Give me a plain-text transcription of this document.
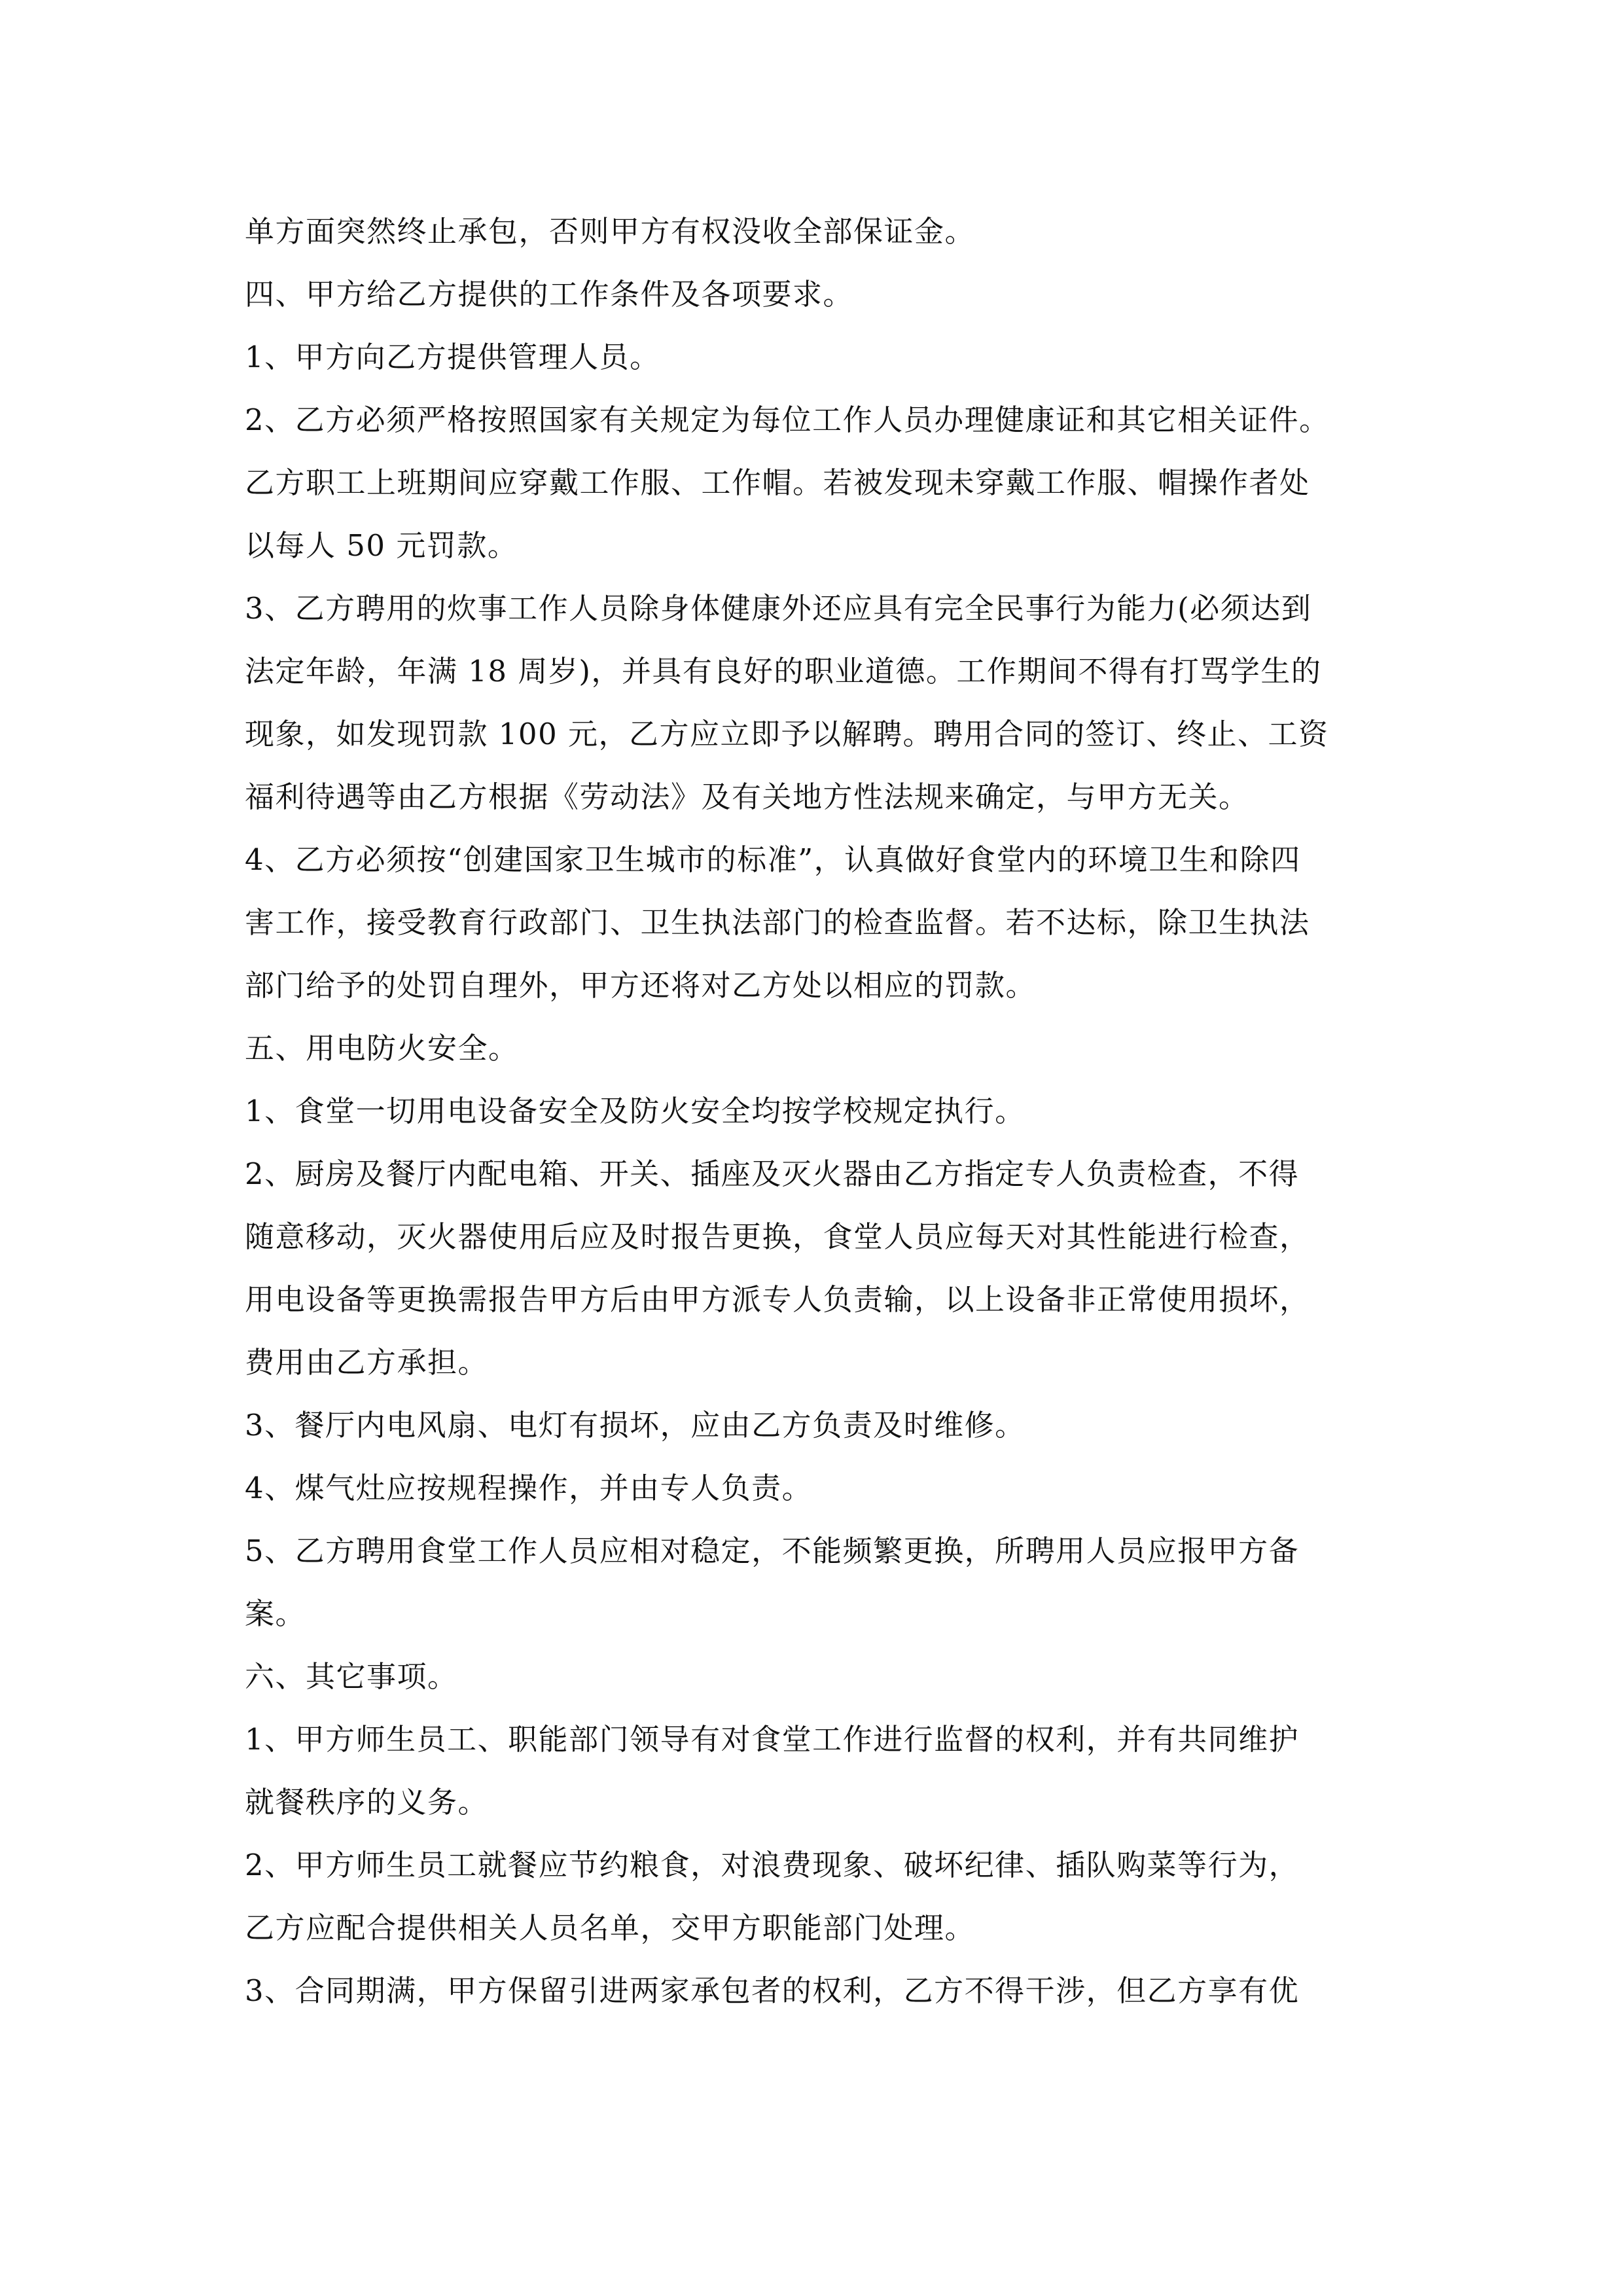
单方面突然终止承包，否则甲方有权没收全部保证金。
四、甲方给乙方提供的工作条件及各项要求。
1、甲方向乙方提供管理人员。
2、乙方必须严格按照国家有关规定为每位工作人员办理健康证和其它相关证件。
乙方职工上班期间应穿戴工作服、工作帽。若被发现未穿戴工作服、帽操作者处
以每人 50 元罚款。
3、乙方聘用的炊事工作人员除身体健康外还应具有完全民事行为能力(必须达到
法定年龄，年满 18 周岁)，并具有良好的职业道德。工作期间不得有打骂学生的
现象，如发现罚款 100 元，乙方应立即予以解聘。聘用合同的签订、终止、工资
福利待遇等由乙方根据《劳动法》及有关地方性法规来确定，与甲方无关。
4、乙方必须按“创建国家卫生城市的标准”，认真做好食堂内的环境卫生和除四
害工作，接受教育行政部门、卫生执法部门的检查监督。若不达标，除卫生执法
部门给予的处罚自理外，甲方还将对乙方处以相应的罚款。
五、用电防火安全。
1、食堂一切用电设备安全及防火安全均按学校规定执行。
2、厨房及餐厅内配电箱、开关、插座及灭火器由乙方指定专人负责检查，不得
随意移动，灭火器使用后应及时报告更换，食堂人员应每天对其性能进行检查，
用电设备等更换需报告甲方后由甲方派专人负责输，以上设备非正常使用损坏，
费用由乙方承担。
3、餐厅内电风扇、电灯有损坏，应由乙方负责及时维修。
4、煤气灶应按规程操作，并由专人负责。
5、乙方聘用食堂工作人员应相对稳定，不能频繁更换，所聘用人员应报甲方备
案。
六、其它事项。
1、甲方师生员工、职能部门领导有对食堂工作进行监督的权利，并有共同维护
就餐秩序的义务。
2、甲方师生员工就餐应节约粮食，对浪费现象、破坏纪律、插队购菜等行为，
乙方应配合提供相关人员名单，交甲方职能部门处理。
3、合同期满，甲方保留引进两家承包者的权利，乙方不得干涉，但乙方享有优
